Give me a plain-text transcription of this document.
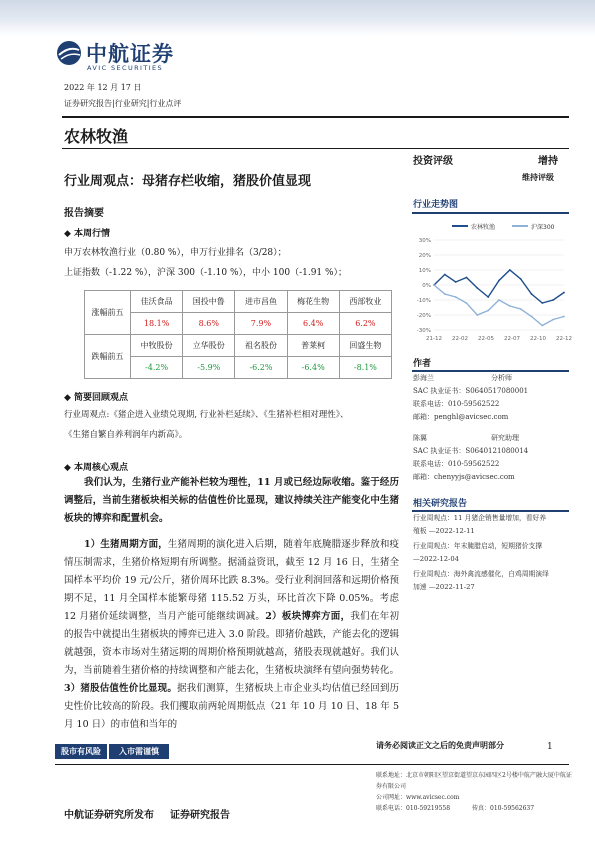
中航证券
AVIC SECURITIES
2022 年 12 月 17 日
证券研究报告|行业研究|行业点评
农林牧渔
投资评级	增持
维持评级
行业周观点：母猪存栏收缩，猪股价值显现
报告摘要
◆ 本周行情
申万农林牧渔行业（0.80 %），申万行业排名（3/28）；
上证指数（-1.22 %），沪深 300（-1.10 %），中小 100（-1.91 %）；
涨幅前五	佳沃食品	国投中鲁	进市昌鱼	梅花生物	西部牧业
	18.1%	8.6%	7.9%	6.4%	6.2%
跌幅前五	中牧股份	立华股份	祖名股份	普莱柯	回盛生物
	-4.2%	-5.9%	-6.2%	-6.4%	-8.1%
◆ 简要回顾观点
行业周观点:《猪企进入业绩兑现期, 行业补栏延续》、《生猪补栏相对理性》、
《生猪自繁自养利润年内新高》。
◆ 本周核心观点
我们认为，生猪行业产能补栏较为理性，11 月或已经边际收缩。鉴于经历调整后，当前生猪板块相关标的估值性价比显现，建议持续关注产能变化中生猪板块的博弈和配置机会。
1）生猪周期方面，生猪周期的演化进入后期，随着年底腌腊逐步释放和疫情压制需求，生猪价格短期有所调整。据涌益资讯，截至 12 月 16 日，生猪全国样本平均价 19 元/公斤，猪价周环比跌 8.3%。受行业利润回落和远期价格预期不足，11 月全国样本能繁母猪 115.52 万头，环比首次下降 0.05%。考虑 12 月猪价延续调整，当月产能可能继续调减。2）板块博弈方面，我们在年初的报告中就提出生猪板块的博弈已进入 3.0 阶段。即猪价越跌，产能去化的逻辑就越强，资本市场对生猪远期的周期价格预期就越高，猪股表现就越好。我们认为，当前随着生猪价格的持续调整和产能去化，生猪板块演绎有望向强势转化。3）猪股估值性价比显现。据我们测算，生猪板块上市企业头均估值已经回到历史性价比较高的阶段。我们攫取前两轮周期低点（21 年 10 月 10 日、18 年 5 月 10 日）的市值和当年的
行业走势图
农林牧渔	沪深300
30%
20%
10%
0%
-10%
-20%
-30%
21-12 22-02 22-05 22-07 22-10 22-12
作者
彭海兰	分析师
SAC 执业证书：S0640517080001
联系电话：010-59562522
邮箱：penghl@avicsec.com
陈翼	研究助理
SAC 执业证书：S0640121080014
联系电话：010-59562522
邮箱：chenyyjs@avicsec.com
相关研究报告
行业周观点：11 月猪企销售量增加，看好养
殖板 —2022-12-11
行业周观点：年末腌腊启动，短期猪价支撑
—2022-12-04
行业周观点：海外禽流感催化，白鸡周期演绎
加速 —2022-11-27
股市有风险	入市需谨慎
请务必阅读正文之后的免责声明部分	1
中航证券研究所发布 证券研究报告
联系地址：北京市朝阳区望京街道望京东园四区2号楼中航产融大厦中航证券有限公司
公司网址：www.avicsec.com
联系电话：010-59219558	传真：010-59562637
